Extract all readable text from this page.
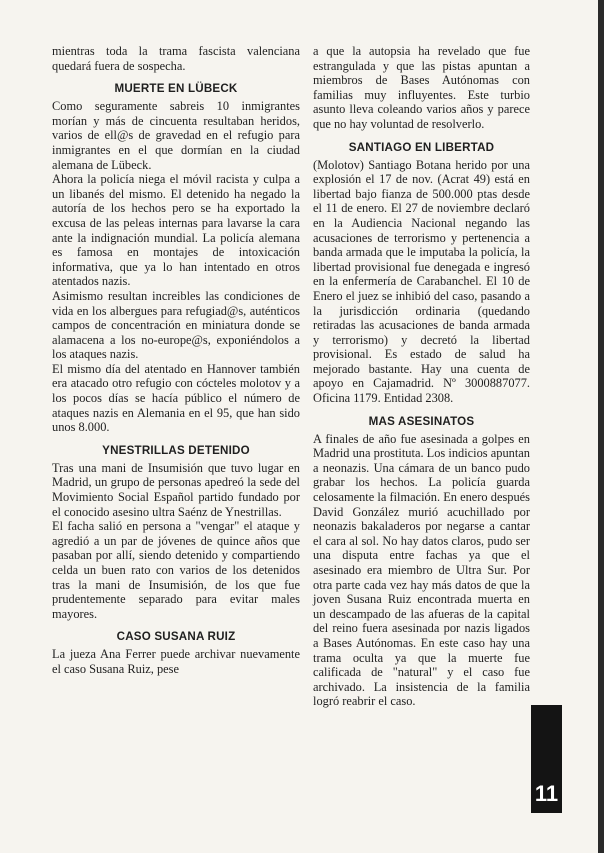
mientras toda la trama fascista valenciana quedará fuera de sospecha.

MUERTE EN LÜBECK

Como seguramente sabreis 10 inmigrantes morían y más de cincuenta resultaban heridos, varios de ell@s de gravedad en el refugio para inmigrantes en el que dormían en la ciudad alemana de Lübeck.

Ahora la policía niega el móvil racista y culpa a un libanés del mismo. El detenido ha negado la autoría de los hechos pero se ha exportado la excusa de las peleas internas para lavarse la cara ante la indignación mundial. La policía alemana es famosa en montajes de intoxicación informativa, que ya lo han intentado en otros atentados nazis.

Asimismo resultan increibles las condiciones de vida en los albergues para refugiad@s, auténticos campos de concentración en miniatura donde se alamacena a los no-europe@s, exponiéndolos a los ataques nazis.

El mismo día del atentado en Hannover también era atacado otro refugio con cócteles molotov y a los pocos días se hacía público el número de ataques nazis en Alemania en el 95, que han sido unos 8.000.

YNESTRILLAS DETENIDO

Tras una mani de Insumisión que tuvo lugar en Madrid, un grupo de personas apedreó la sede del Movimiento Social Español partido fundado por el conocido asesino ultra Saénz de Ynestrillas.

El facha salió en persona a "vengar" el ataque y agredió a un par de jóvenes de quince años que pasaban por allí, siendo detenido y compartiendo celda un buen rato con varios de los detenidos tras la mani de Insumisión, de los que fue prudentemente separado para evitar males mayores.

CASO SUSANA RUIZ

La jueza Ana Ferrer puede archivar nuevamente el caso Susana Ruiz, pese

a que la autopsia ha revelado que fue estrangulada y que las pistas apuntan a miembros de Bases Autónomas con familias muy influyentes. Este turbio asunto lleva coleando varios años y parece que no hay voluntad de resolverlo.

SANTIAGO EN LIBERTAD

(Molotov) Santiago Botana herido por una explosión el 17 de nov. (Acrat 49) está en libertad bajo fianza de 500.000 ptas desde el 11 de enero. El 27 de noviembre declaró en la Audiencia Nacional negando las acusaciones de terrorismo y pertenencia a banda armada que le imputaba la policía, la libertad provisional fue denegada e ingresó en la enfermería de Carabanchel. El 10 de Enero el juez se inhibió del caso, pasando a la jurisdicción ordinaria (quedando retiradas las acusaciones de banda armada y terrorismo) y decretó la libertad provisional. Es estado de salud ha mejorado bastante. Hay una cuenta de apoyo en Cajamadrid. Nº 3000887077. Oficina 1179. Entidad 2308.

MAS ASESINATOS

A finales de año fue asesinada a golpes en Madrid una prostituta. Los indicios apuntan a neonazis. Una cámara de un banco pudo grabar los hechos. La policía guarda celosamente la filmación. En enero después David González murió acuchillado por neonazis bakaladeros por negarse a cantar el cara al sol. No hay datos claros, pudo ser una disputa entre fachas ya que el asesinado era miembro de Ultra Sur. Por otra parte cada vez hay más datos de que la joven Susana Ruiz encontrada muerta en un descampado de las afueras de la capital del reino fuera asesinada por nazis ligados a Bases Autónomas. En este caso hay una trama oculta ya que la muerte fue calificada de "natural" y el caso fue archivado. La insistencia de la familia logró reabrir el caso.

11
